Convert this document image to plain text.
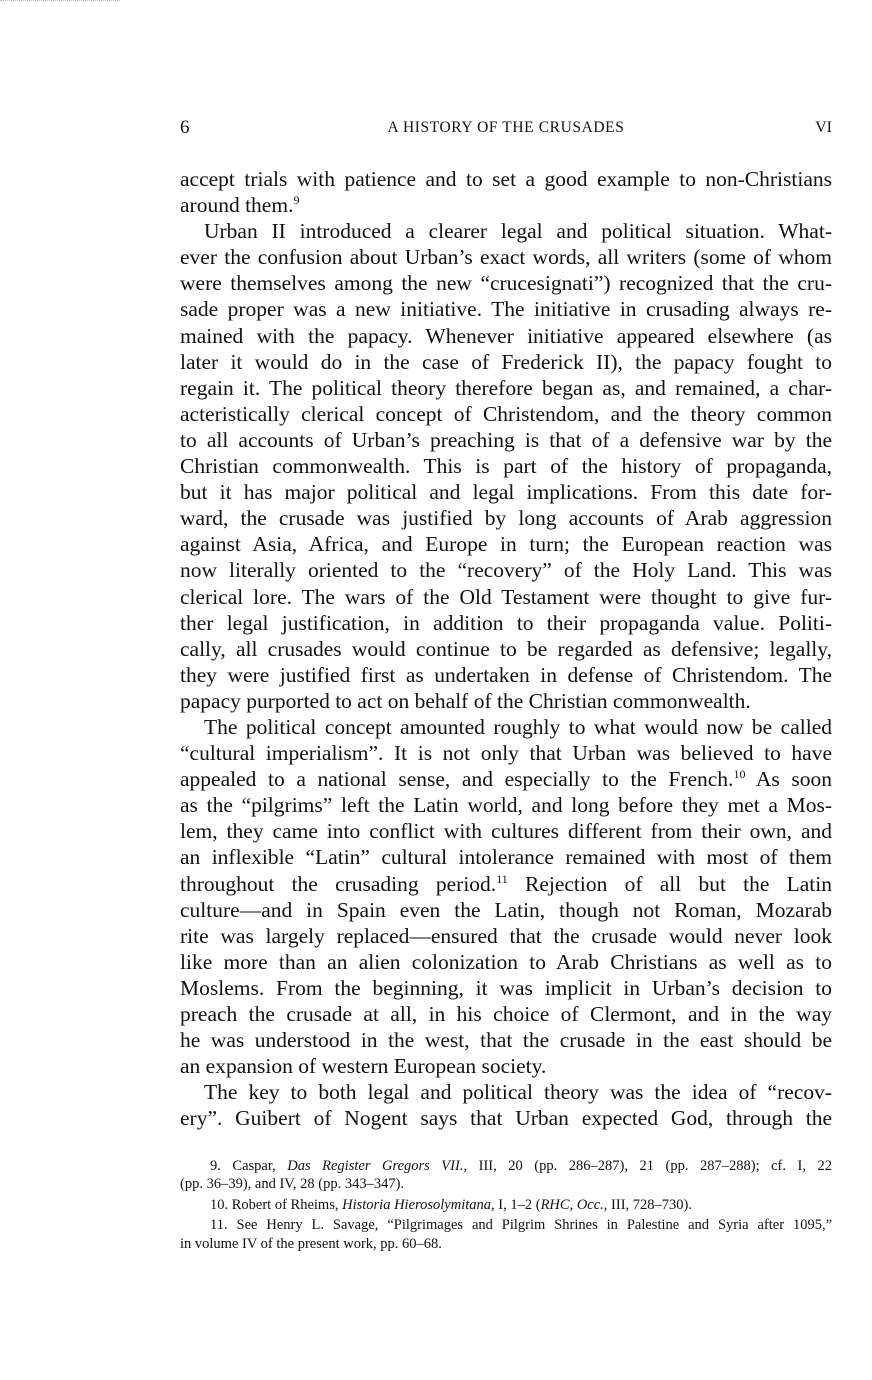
6	A HISTORY OF THE CRUSADES	VI
accept trials with patience and to set a good example to non-Christians
around them.$^9$
Urban II introduced a clearer legal and political situation. What-
ever the confusion about Urban’s exact words, all writers (some of whom
were themselves among the new “crucesignati”) recognized that the cru-
sade proper was a new initiative. The initiative in crusading always re-
mained with the papacy. Whenever initiative appeared elsewhere (as
later it would do in the case of Frederick II), the papacy fought to
regain it. The political theory therefore began as, and remained, a char-
acteristically clerical concept of Christendom, and the theory common
to all accounts of Urban’s preaching is that of a defensive war by the
Christian commonwealth. This is part of the history of propaganda,
but it has major political and legal implications. From this date for-
ward, the crusade was justified by long accounts of Arab aggression
against Asia, Africa, and Europe in turn; the European reaction was
now literally oriented to the “recovery” of the Holy Land. This was
clerical lore. The wars of the Old Testament were thought to give fur-
ther legal justification, in addition to their propaganda value. Politi-
cally, all crusades would continue to be regarded as defensive; legally,
they were justified first as undertaken in defense of Christendom. The
papacy purported to act on behalf of the Christian commonwealth.
The political concept amounted roughly to what would now be called
“cultural imperialism”. It is not only that Urban was believed to have
appealed to a national sense, and especially to the French.$^{10}$ As soon
as the “pilgrims” left the Latin world, and long before they met a Mos-
lem, they came into conflict with cultures different from their own, and
an inflexible “Latin” cultural intolerance remained with most of them
throughout the crusading period.$^{11}$ Rejection of all but the Latin
culture—and in Spain even the Latin, though not Roman, Mozarab
rite was largely replaced—ensured that the crusade would never look
like more than an alien colonization to Arab Christians as well as to
Moslems. From the beginning, it was implicit in Urban’s decision to
preach the crusade at all, in his choice of Clermont, and in the way
he was understood in the west, that the crusade in the east should be
an expansion of western European society.
The key to both legal and political theory was the idea of “recov-
ery”. Guibert of Nogent says that Urban expected God, through the
9. Caspar, Das Register Gregors VII., III, 20 (pp. 286–287), 21 (pp. 287–288); cf. I, 22
(pp. 36–39), and IV, 28 (pp. 343–347).
10. Robert of Rheims, Historia Hierosolymitana, I, 1–2 (RHC, Occ., III, 728–730).
11. See Henry L. Savage, “Pilgrimages and Pilgrim Shrines in Palestine and Syria after 1095,”
in volume IV of the present work, pp. 60–68.
